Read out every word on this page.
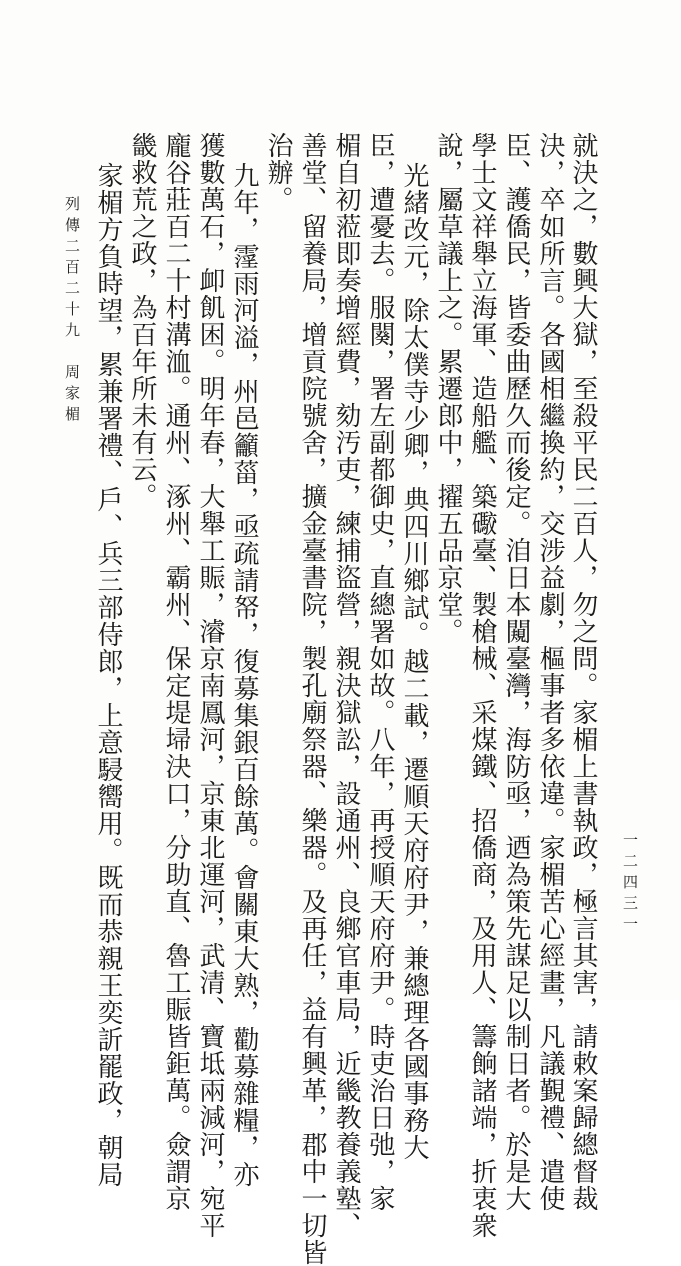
就決之，數興大獄，至殺平民二百人，勿之問。家楣上書執政，極言其害，請敕案歸總督裁
決，卒如所言。各國相繼換約，交涉益劇，樞事者多依違。家楣苦心經畫，凡議覲禮、遣使
臣、護僑民，皆委曲歷久而後定。洎日本闚臺灣，海防亟，迺為策先謀足以制日者。於是大
學士文祥舉立海軍、造船艦、築礮臺、製槍械、采煤鐵、招僑商，及用人、籌餉諸端，折衷衆
說，屬草議上之。累遷郎中，擢五品京堂。
光緒改元，除太僕寺少卿，典四川鄉試。越二載，遷順天府府尹，兼總理各國事務大
臣，遭憂去。服闋，署左副都御史，直總署如故。八年，再授順天府府尹。時吏治日弛，家
楣自初蒞即奏增經費，劾汚吏，練捕盜營，親決獄訟，設通州、良鄉官車局，近畿教養義塾、
善堂、留養局，增貢院號舍，擴金臺書院，製孔廟祭器、樂器。及再任，益有興革，郡中一切皆
治辦。
九年，霪雨河溢，州邑籲菑，亟疏請帑，復募集銀百餘萬。會關東大熟，勸募雜糧，亦
獲數萬石，卹飢困。明年春，大舉工賑，濬京南鳳河，京東北運河，武清、寶坻兩減河，宛平
龐谷莊百二十村溝洫。通州、涿州、霸州、保定堤埽決口，分助直、魯工賑皆鉅萬。僉謂京
畿救荒之政，為百年所未有云。
家楣方負時望，累兼署禮、戶、兵三部侍郎，上意駸嚮用。既而恭親王奕訢罷政，朝局
列傳二百二十九　周家楣
一二四三一
